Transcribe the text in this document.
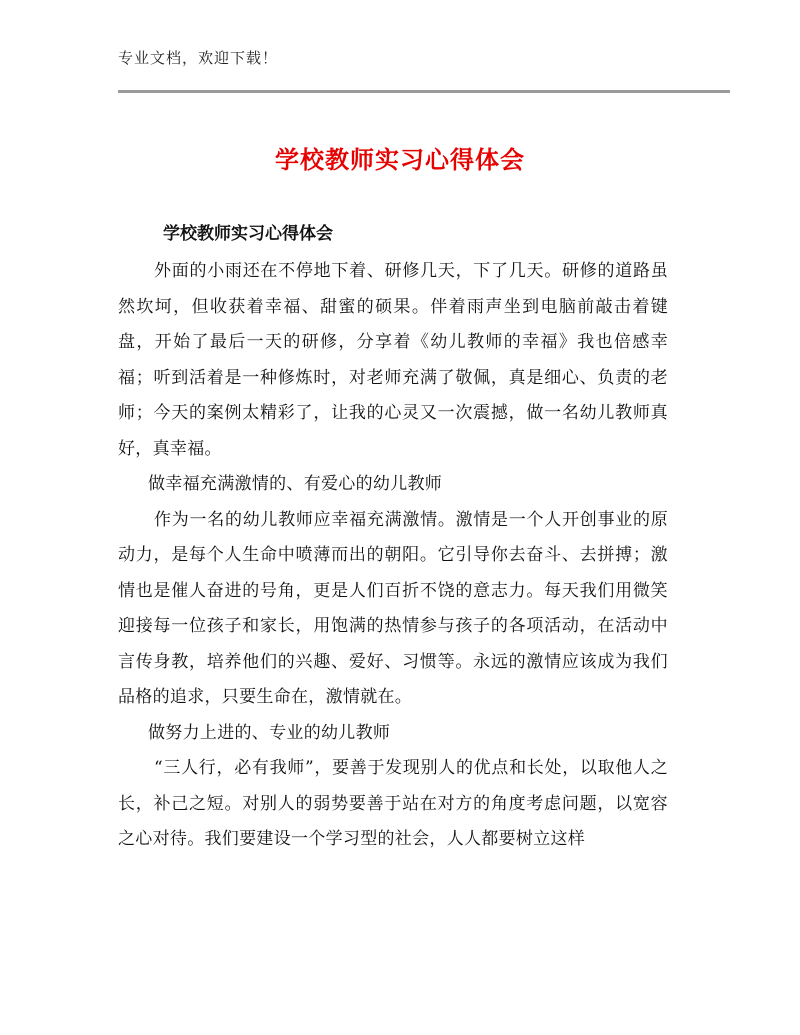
专业文档，欢迎下载！
学校教师实习心得体会
学校教师实习心得体会

外面的小雨还在不停地下着、研修几天，下了几天。研修的道路虽然坎坷，但收获着幸福、甜蜜的硕果。伴着雨声坐到电脑前敲击着键盘，开始了最后一天的研修，分享着《幼儿教师的幸福》我也倍感幸福；听到活着是一种修炼时，对老师充满了敬佩，真是细心、负责的老师；今天的案例太精彩了，让我的心灵又一次震撼，做一名幼儿教师真好，真幸福。

做幸福充满激情的、有爱心的幼儿教师

作为一名的幼儿教师应幸福充满激情。激情是一个人开创事业的原动力，是每个人生命中喷薄而出的朝阳。它引导你去奋斗、去拼搏；激情也是催人奋进的号角，更是人们百折不饶的意志力。每天我们用微笑迎接每一位孩子和家长，用饱满的热情参与孩子的各项活动，在活动中言传身教，培养他们的兴趣、爱好、习惯等。永远的激情应该成为我们品格的追求，只要生命在，激情就在。

做努力上进的、专业的幼儿教师

“三人行，必有我师”，要善于发现别人的优点和长处，以取他人之长，补己之短。对别人的弱势要善于站在对方的角度考虑问题，以宽容之心对待。我们要建设一个学习型的社会，人人都要树立这样
